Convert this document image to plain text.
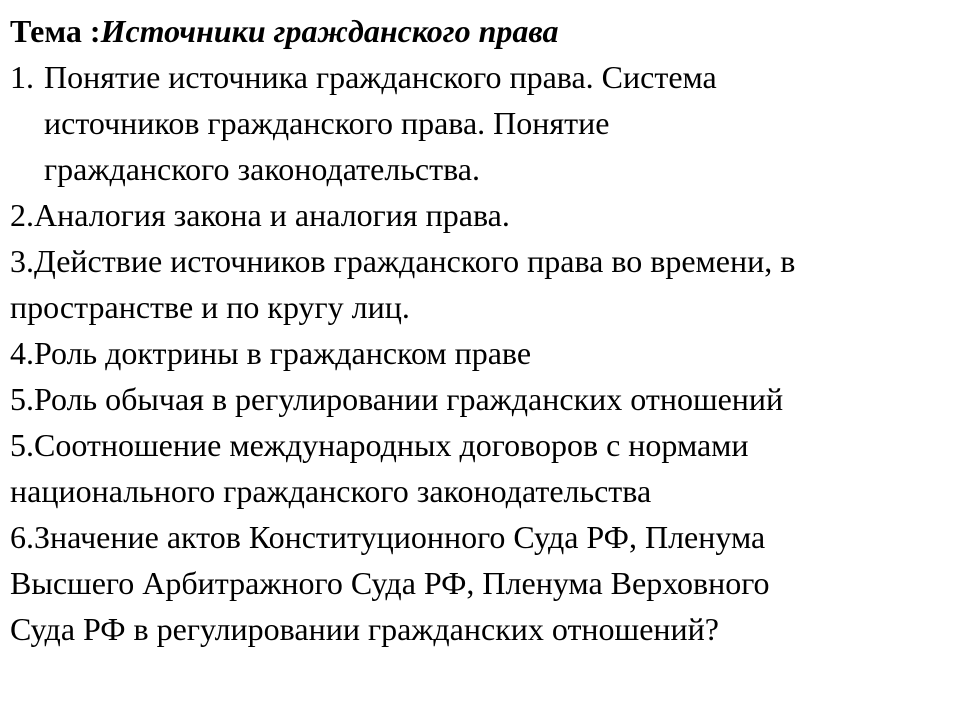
Тема :Источники гражданского права

1. Понятие источника гражданского права. Система

источников гражданского права. Понятие

гражданского законодательства.

2.Аналогия закона и аналогия права.

3.Действие источников гражданского права во времени, в

пространстве и по кругу лиц.

4.Роль доктрины в гражданском праве

5.Роль обычая в регулировании гражданских отношений

5.Соотношение международных договоров с нормами

национального гражданского законодательства

6.Значение актов Конституционного Суда РФ, Пленума

Высшего Арбитражного Суда РФ, Пленума Верховного

Суда РФ в регулировании гражданских отношений?
